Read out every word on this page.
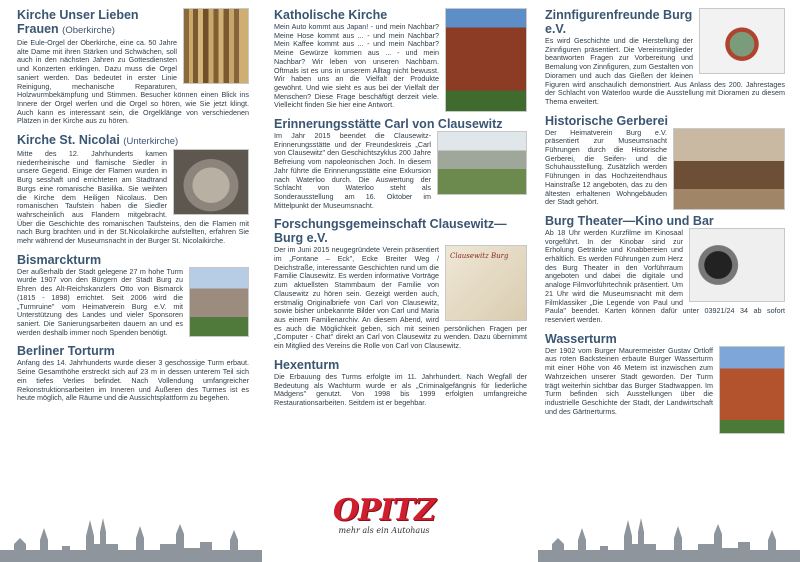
Kirche Unser Lieben Frauen (Oberkirche)

Die Eule-Orgel der Oberkirche, eine ca. 50 Jahre alte Dame mit ihren Stärken und Schwächen, soll auch in den nächsten Jahren zu Gottesdiensten und Konzerten erklingen. Dazu muss die Orgel saniert werden. Das bedeutet in erster Linie Reinigung, mechanische Reparaturen, Holzwurmbekämpfung und Stimmen. Besucher können einen Blick ins Innere der Orgel werfen und die Orgel so hören, wie Sie jetzt klingt. Auch kann es interessant sein, die Orgelklänge von verschiedenen Plätzen in der Kirche aus zu hören.

Kirche St. Nicolai (Unterkirche)

Mitte des 12. Jahrhunderts kamen niederrheinische und flamische Siedler in unsere Gegend. Einige der Flamen wurden in Burg sesshaft und errichteten am Stadtrand Burgs eine romanische Basilika. Sie weihten die Kirche dem Heiligen Nicolaus. Den romanischen Taufstein haben die Siedler wahrscheinlich aus Flandern mitgebracht. Über die Geschichte des romanischen Taufsteins, den die Flamen mit nach Burg brachten und in der St.Nicolaikirche aufstellten, erfahren Sie mehr während der Museumsnacht in der Burger St. Nicolaikirche.

Bismarckturm

Der außerhalb der Stadt gelegene 27 m hohe Turm wurde 1907 von den Bürgern der Stadt Burg zu Ehren des Alt-Reichskanzlers Otto von Bismarck (1815 - 1898) errichtet. Seit 2006 wird die „Turmruine" vom Heimatverein Burg e.V. mit Unterstützung des Landes und vieler Sponsoren saniert. Die Sanierungsarbeiten dauern an und es werden deshalb immer noch Spenden benötigt.

Berliner Torturm

Anfang des 14. Jahrhunderts wurde dieser 3 geschossige Turm erbaut. Seine Gesamthöhe erstreckt sich auf 23 m in dessen unterem Teil sich ein tiefes Verlies befindet. Nach Vollendung umfangreicher Rekonstruktionsarbeiten im Inneren und Äußeren des Turmes ist es heute möglich, alle Räume und die Aussichtsplattform zu begehen.

Katholische Kirche

Mein Auto kommt aus Japan! - und mein Nachbar? Meine Hose kommt aus ... - und mein Nachbar? Mein Kaffee kommt aus ... - und mein Nachbar? Meine Gewürze kommen aus ... - und mein Nachbar? Wir leben von unseren Nachbarn. Oftmals ist es uns in unserem Alltag nicht bewusst. Wir haben uns an die Vielfalt der Produkte gewöhnt. Und wie sieht es aus bei der Vielfalt der Menschen? Diese Frage beschäftigt derzeit viele. Vielleicht finden Sie hier eine Antwort.

Erinnerungsstätte Carl von Clausewitz

Im Jahr 2015 beendet die Clausewitz-Erinnerungsstätte und der Freundeskreis „Carl von Clausewitz" den Geschichtszyklus 200 Jahre Befreiung vom napoleonischen Joch. In diesem Jahr führte die Erinnerungsstätte eine Exkursion nach Waterloo durch. Die Auswertung der Schlacht von Waterloo steht als Sonderausstellung am 16. Oktober im Mittelpunkt der Museumsnacht.

Forschungsgemeinschaft Clausewitz—Burg e.V.
Clausewitz Burg

Der im Juni 2015 neugegründete Verein präsentiert im „Fontane – Eck", Ecke Breiter Weg / Deichstraße, interessante Geschichten rund um die Familie Clausewitz. Es werden informative Vorträge zum aktuellsten Stammbaum der Familie von Clausewitz zu hören sein. Gezeigt werden auch, erstmalig Originalbriefe von Carl von Clausewitz, sowie bisher unbekannte Bilder von Carl und Maria aus einem Familienarchiv. An diesem Abend, wird es auch die Möglichkeit geben, sich mit seinen persönlichen Fragen per „Computer - Chat" direkt an Carl von Clausewitz zu wenden. Dazu übernimmt ein Mitglied des Vereins die Rolle von Carl von Clausewitz.

Hexenturm

Die Erbauung des Turms erfolgte im 11. Jahrhundert. Nach Wegfall der Bedeutung als Wachturm wurde er als „Criminalgefängnis für liederliche Mädgens" genutzt. Von 1998 bis 1999 erfolgten umfangreiche Restaurationsarbeiten. Seitdem ist er begehbar.

Zinnfigurenfreunde Burg e.V.

Es wird Geschichte und die Herstellung der Zinnfiguren präsentiert. Die Vereinsmitglieder beantworten Fragen zur Vorbereitung und Bemalung von Zinnfiguren, zum Gestalten von Dioramen und auch das Gießen der kleinen Figuren wird anschaulich demonstriert. Aus Anlass des 200. Jahrestages der Schlacht von Waterloo wurde die Ausstellung mit Dioramen zu diesem Thema erweitert.

Historische Gerberei

Der Heimatverein Burg e.V. präsentiert zur Museumsnacht Führungen durch die Historische Gerberei, die Seifen- und die Schuhausstellung. Zusätzlich werden Führungen in das Hochzeitendhaus Hainstraße 12 angeboten, das zu den ältesten erhaltenen Wohngebäuden der Stadt gehört.

Burg Theater—Kino und Bar

Ab 18 Uhr werden Kurzfilme im Kinosaal vorgeführt. In der Kinobar sind zur Erholung Getränke und Knabbereien und erhältlich. Es werden Führungen zum Herz des Burg Theater in den Vorführraum angeboten und dabei die digitale und analoge Filmvorführtechnik präsentiert. Um 21 Uhr wird die Museumsnacht mit dem Filmklassiker „Die Legende von Paul und Paula" beendet. Karten können dafür unter 03921/24 34 ab sofort reserviert werden.

Wasserturm

Der 1902 vom Burger Maurermeister Gustav Ortloff aus roten Backsteinen erbaute Burger Wasserturm mit einer Höhe von 46 Metern ist inzwischen zum Wahrzeichen unserer Stadt geworden. Der Turm trägt weiterhin sichtbar das Burger Stadtwappen. Im Turm befinden sich Ausstellungen über die industrielle Geschichte der Stadt, der Landwirtschaft und des Gärtnerturms.

OPITZ
mehr als ein Autohaus
